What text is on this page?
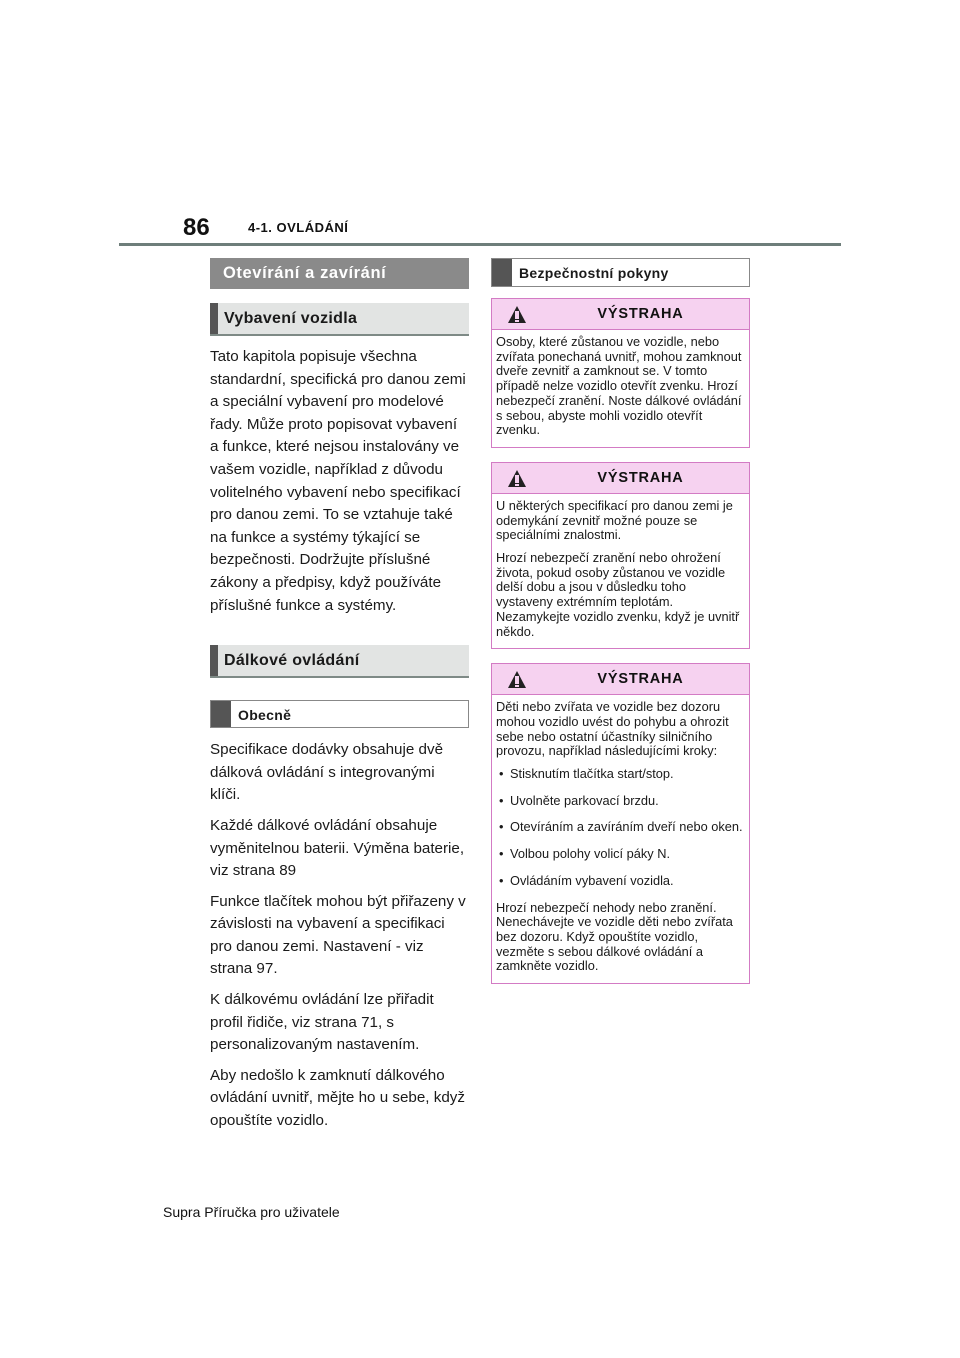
86	4-1. OVLÁDÁNÍ
Otevírání a zavírání
Vybavení vozidla
Tato kapitola popisuje všechna standardní, specifická pro danou zemi a speciální vybavení pro modelové řady. Může proto popisovat vybavení a funkce, které nejsou instalovány ve vašem vozidle, například z důvodu volitelného vybavení nebo specifikací pro danou zemi. To se vztahuje také na funkce a systémy týkající se bezpečnosti. Dodržujte příslušné zákony a předpisy, když používáte příslušné funkce a systémy.
Dálkové ovládání
Obecně

Specifikace dodávky obsahuje dvě dálková ovládání s integrovanými klíči.

Každé dálkové ovládání obsahuje vyměnitelnou baterii. Výměna baterie, viz strana 89

Funkce tlačítek mohou být přiřazeny v závislosti na vybavení a specifikaci pro danou zemi. Nastavení - viz strana 97.

K dálkovému ovládání lze přiřadit profil řidiče, viz strana 71, s personalizovaným nastavením.

Aby nedošlo k zamknutí dálkového ovládání uvnitř, mějte ho u sebe, když opouštíte vozidlo.

Bezpečnostní pokyny
VÝSTRAHA

Osoby, které zůstanou ve vozidle, nebo zvířata ponechaná uvnitř, mohou zamknout dveře zevnitř a zamknout se. V tomto případě nelze vozidlo otevřít zvenku. Hrozí nebezpečí zranění. Noste dálkové ovládání s sebou, abyste mohli vozidlo otevřít zvenku.

VÝSTRAHA

U některých specifikací pro danou zemi je odemykání zevnitř možné pouze se speciálními znalostmi.

Hrozí nebezpečí zranění nebo ohrožení života, pokud osoby zůstanou ve vozidle delší dobu a jsou v důsledku toho vystaveny extrémním teplotám. Nezamykejte vozidlo zvenku, když je uvnitř někdo.

VÝSTRAHA

Děti nebo zvířata ve vozidle bez dozoru mohou vozidlo uvést do pohybu a ohrozit sebe nebo ostatní účastníky silničního provozu, například následujícími kroky:

• Stisknutím tlačítka start/stop.
• Uvolněte parkovací brzdu.
• Otevíráním a zavíráním dveří nebo oken.
• Volbou polohy volicí páky N.
• Ovládáním vybavení vozidla.

Hrozí nebezpečí nehody nebo zranění. Nenechávejte ve vozidle děti nebo zvířata bez dozoru. Když opouštíte vozidlo, vezměte s sebou dálkové ovládání a zamkněte vozidlo.

Supra Příručka pro uživatele
